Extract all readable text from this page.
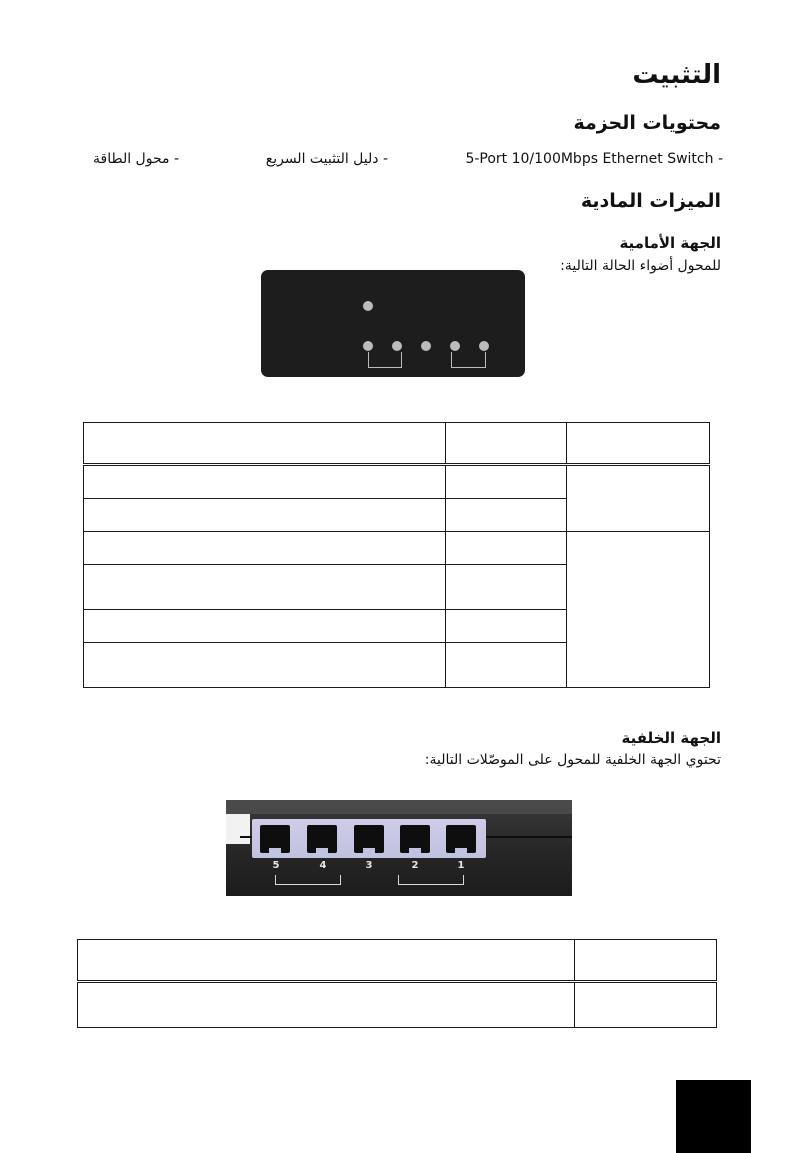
التثبيت
محتويات الحزمة
5-Port 10/100Mbps Ethernet Switch -
- دليل التثبيت السريع
- محول الطاقة
الميزات المادية
الجهة الأمامية
للمحول أضواء الحالة التالية:

الجهة الخلفية
تحتوي الجهة الخلفية للمحول على الموصّلات التالية:
5	4	3	2	1
